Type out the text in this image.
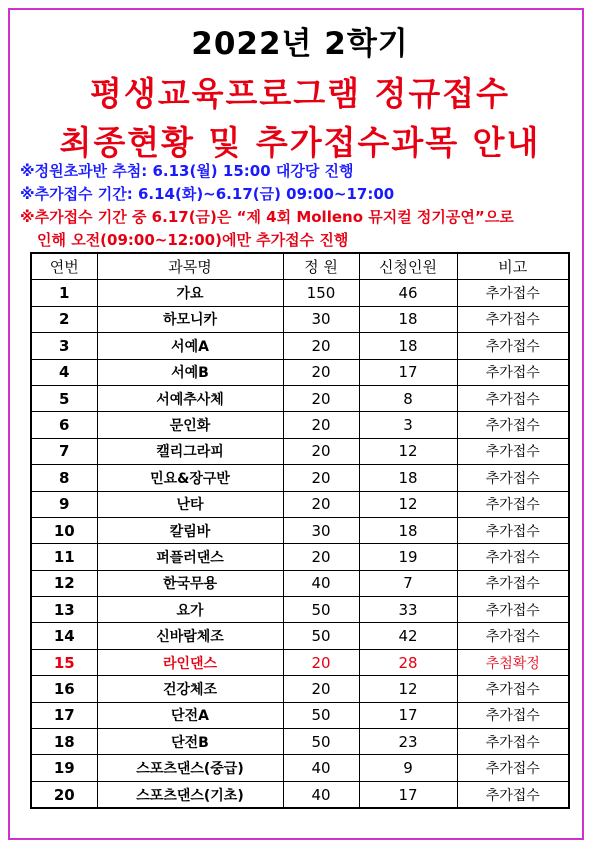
2022년 2학기
평생교육프로그램 정규접수
최종현황 및 추가접수과목 안내
※정원초과반 추첨: 6.13(월) 15:00 대강당 진행
※추가접수 기간: 6.14(화)~6.17(금) 09:00~17:00
※추가접수 기간 중 6.17(금)은 “제 4회 Molleno 뮤지컬 정기공연”으로
인해 오전(09:00~12:00)에만 추가접수 진행
연번	과목명	정 원	신청인원	비고
1	가요	150	46	추가접수
2	하모니카	30	18	추가접수
3	서예A	20	18	추가접수
4	서예B	20	17	추가접수
5	서예추사체	20	8	추가접수
6	문인화	20	3	추가접수
7	캘리그라피	20	12	추가접수
8	민요&장구반	20	18	추가접수
9	난타	20	12	추가접수
10	칼림바	30	18	추가접수
11	퍼플러댄스	20	19	추가접수
12	한국무용	40	7	추가접수
13	요가	50	33	추가접수
14	신바람체조	50	42	추가접수
15	라인댄스	20	28	추첨확정
16	건강체조	20	12	추가접수
17	단전A	50	17	추가접수
18	단전B	50	23	추가접수
19	스포츠댄스(중급)	40	9	추가접수
20	스포츠댄스(기초)	40	17	추가접수
